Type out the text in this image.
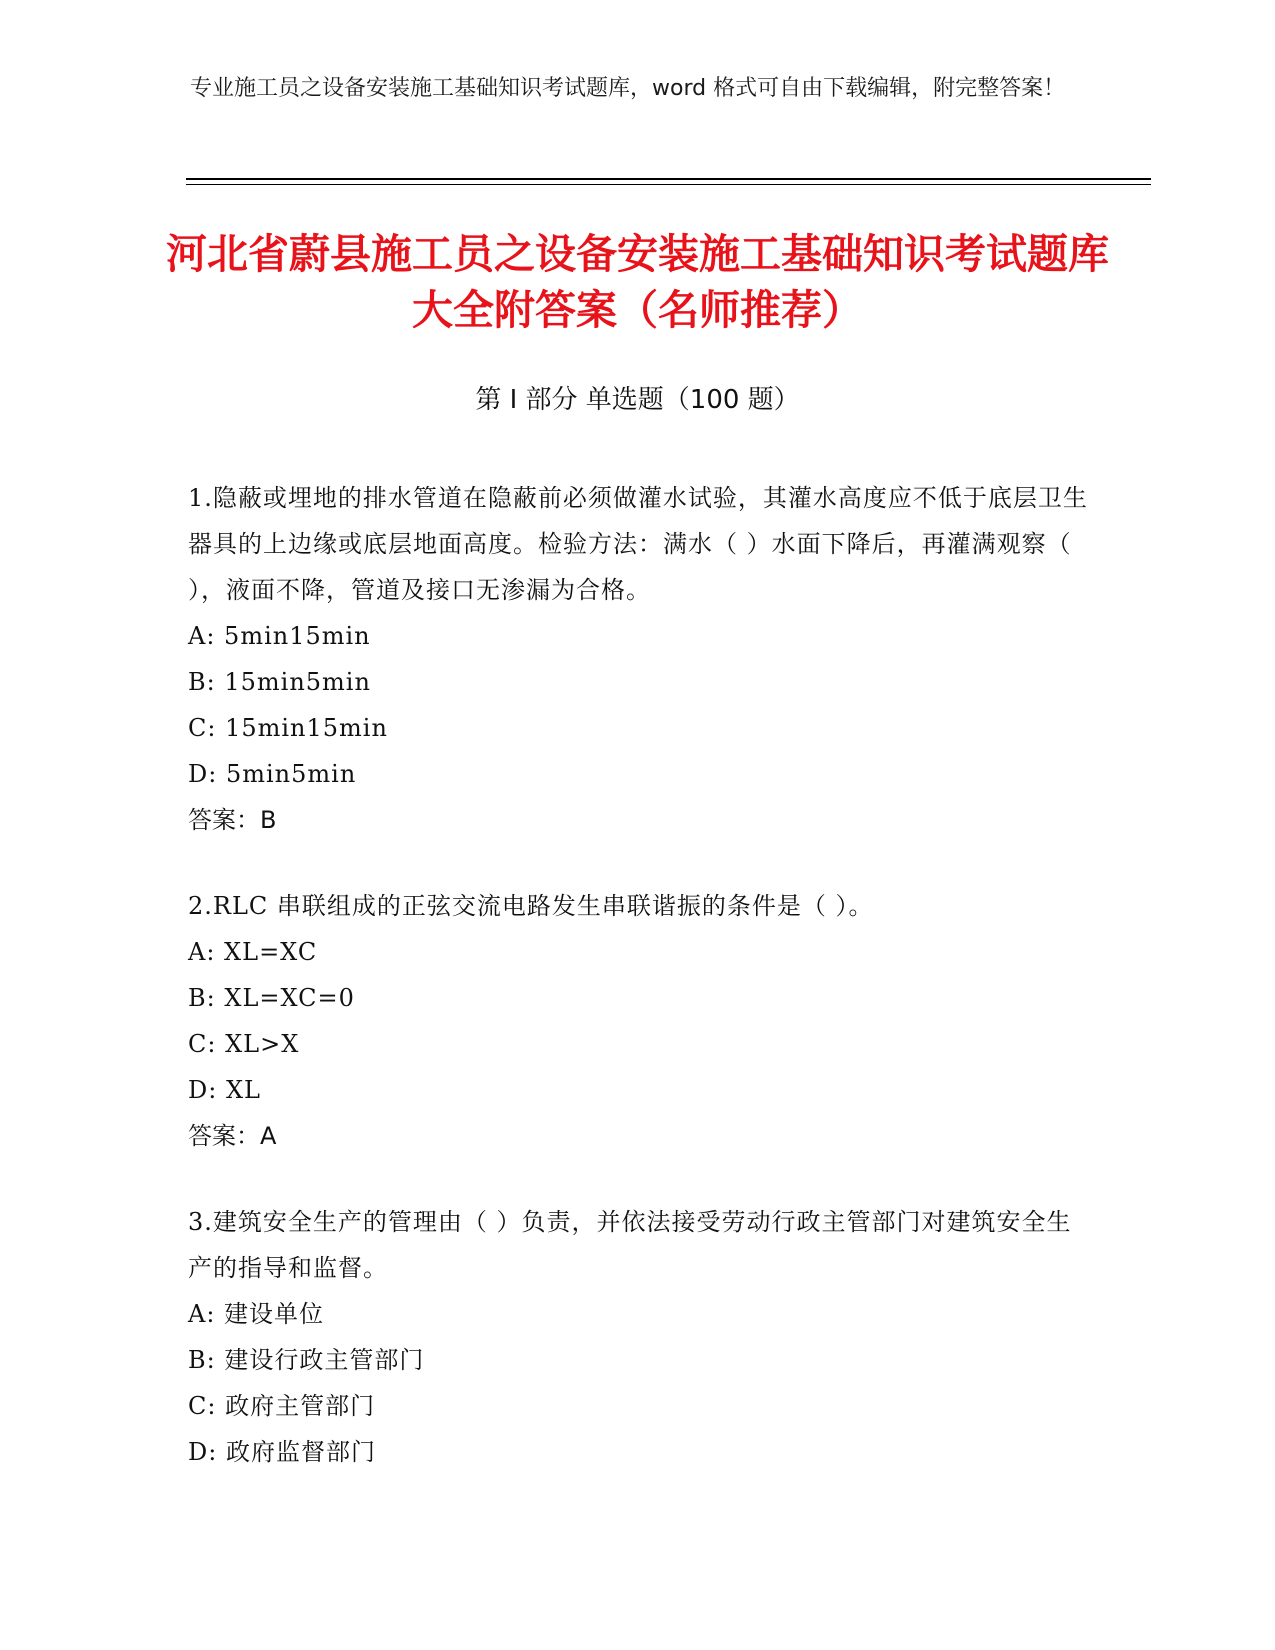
专业施工员之设备安装施工基础知识考试题库，word 格式可自由下载编辑，附完整答案！
河北省蔚县施工员之设备安装施工基础知识考试题库大全附答案（名师推荐）
第 I 部分 单选题（100 题）

1.隐蔽或埋地的排水管道在隐蔽前必须做灌水试验，其灌水高度应不低于底层卫生器具的上边缘或底层地面高度。检验方法：满水（ ）水面下降后，再灌满观察（ ），液面不降，管道及接口无渗漏为合格。

A: 5min15min

B: 15min5min

C: 15min15min

D: 5min5min

答案：B

2.RLC 串联组成的正弦交流电路发生串联谐振的条件是（ ）。

A: XL=XC

B: XL=XC=0

C: XL>X

D: XL

答案：A

3.建筑安全生产的管理由（ ）负责，并依法接受劳动行政主管部门对建筑安全生产的指导和监督。

A: 建设单位

B: 建设行政主管部门

C: 政府主管部门

D: 政府监督部门
